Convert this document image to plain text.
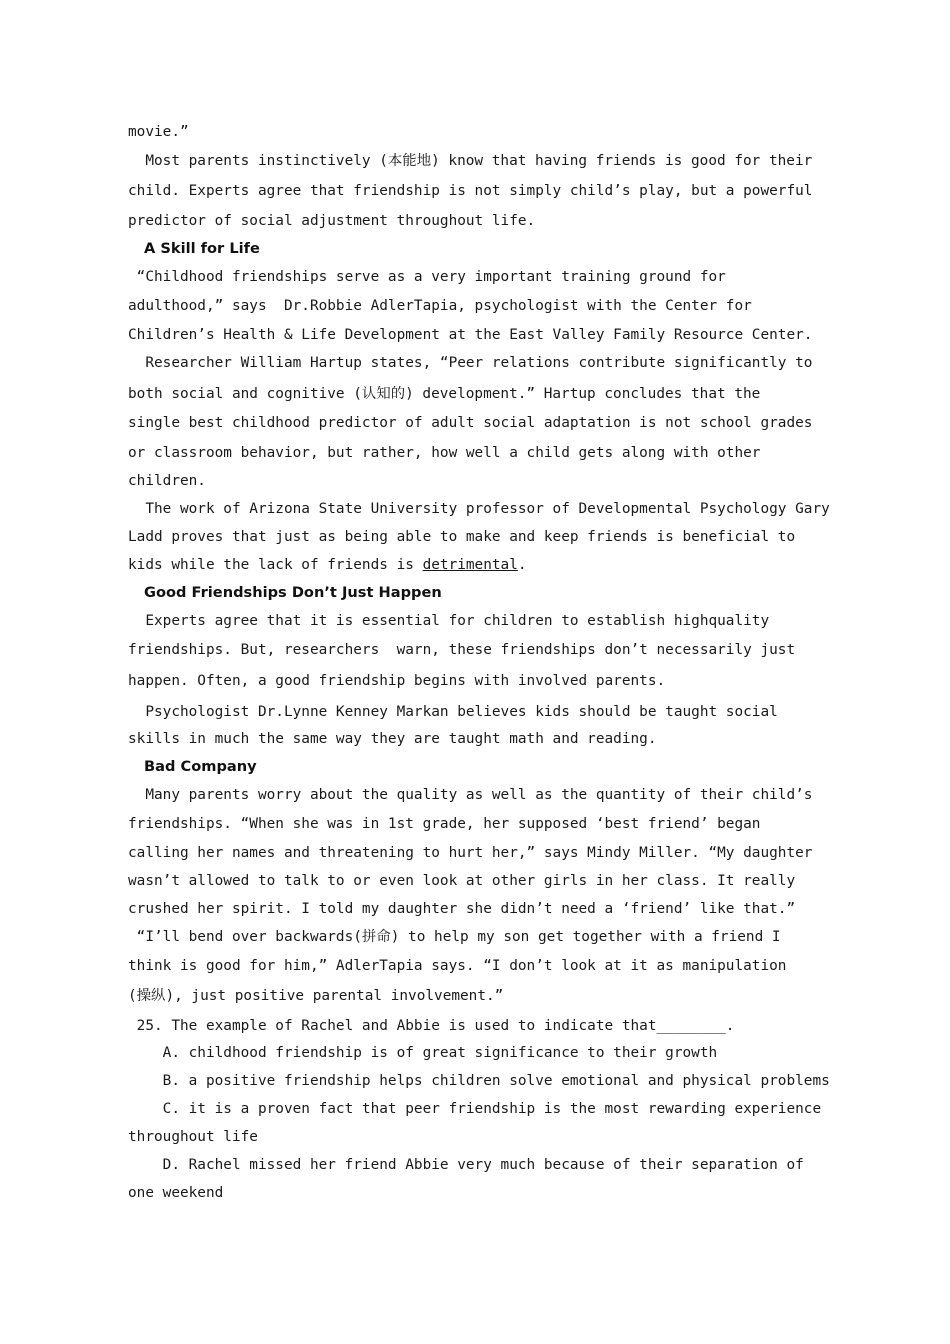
movie.”
Most parents instinctively (本能地) know that having friends is good for their
child. Experts agree that friendship is not simply child’s play, but a powerful
predictor of social adjustment throughout life.
A Skill for Life
“Childhood friendships serve as a very important training ground for
adulthood,” says  Dr.Robbie AdlerTapia, psychologist with the Center for
Children’s Health & Life Development at the East Valley Family Resource Center.
Researcher William Hartup states, “Peer relations contribute significantly to
both social and cognitive (认知的) development.” Hartup concludes that the
single best childhood predictor of adult social adaptation is not school grades
or classroom behavior, but rather, how well a child gets along with other
children.
The work of Arizona State University professor of Developmental Psychology Gary
Ladd proves that just as being able to make and keep friends is beneficial to
kids while the lack of friends is detrimental.
Good Friendships Don’t Just Happen
Experts agree that it is essential for children to establish highquality
friendships. But, researchers  warn, these friendships don’t necessarily just
happen. Often, a good friendship begins with involved parents.
Psychologist Dr.Lynne Kenney Markan believes kids should be taught social
skills in much the same way they are taught math and reading.
Bad Company
Many parents worry about the quality as well as the quantity of their child’s
friendships. “When she was in 1st grade, her supposed ‘best friend’ began
calling her names and threatening to hurt her,” says Mindy Miller. “My daughter
wasn’t allowed to talk to or even look at other girls in her class. It really
crushed her spirit. I told my daughter she didn’t need a ‘friend’ like that.”
“I’ll bend over backwards(拼命) to help my son get together with a friend I
think is good for him,” AdlerTapia says. “I don’t look at it as manipulation
(操纵), just positive parental involvement.”
25. The example of Rachel and Abbie is used to indicate that________.
A. childhood friendship is of great significance to their growth
B. a positive friendship helps children solve emotional and physical problems
C. it is a proven fact that peer friendship is the most rewarding experience
throughout life
D. Rachel missed her friend Abbie very much because of their separation of
one weekend
